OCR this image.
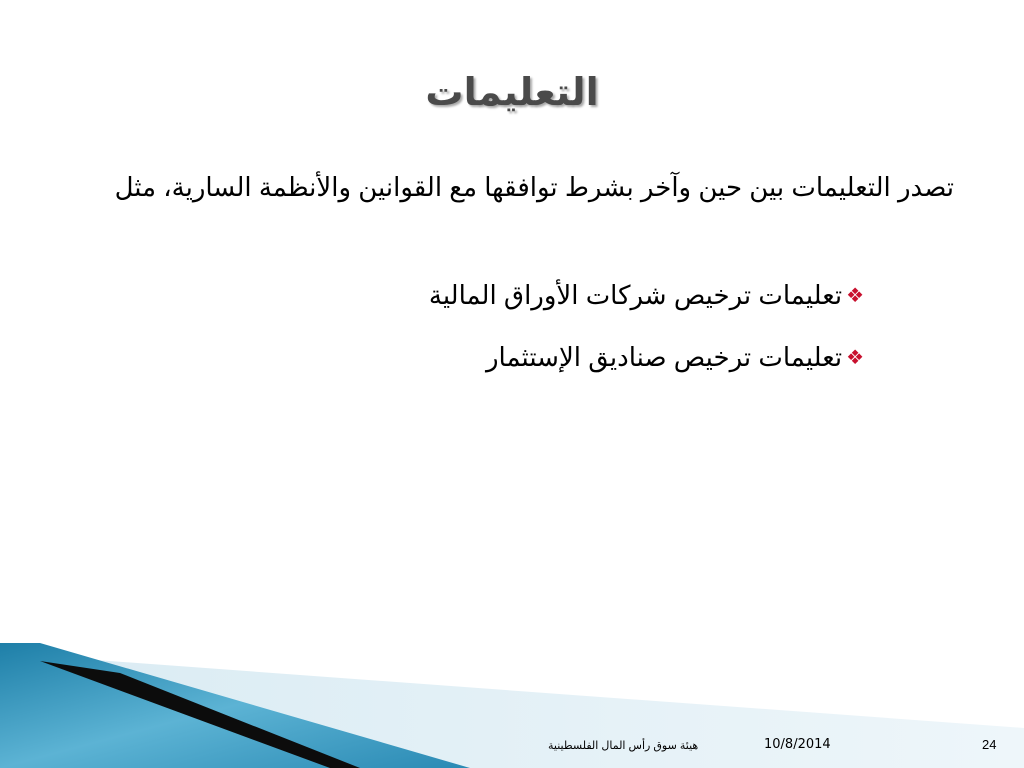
التعليمات
تصدر التعليمات بين حين وآخر بشرط توافقها مع القوانين والأنظمة السارية، مثل
❖
تعليمات ترخيص شركات الأوراق المالية
❖
تعليمات ترخيص صناديق الإستثمار
هيئة سوق رأس المال الفلسطينية	10/8/2014	24
